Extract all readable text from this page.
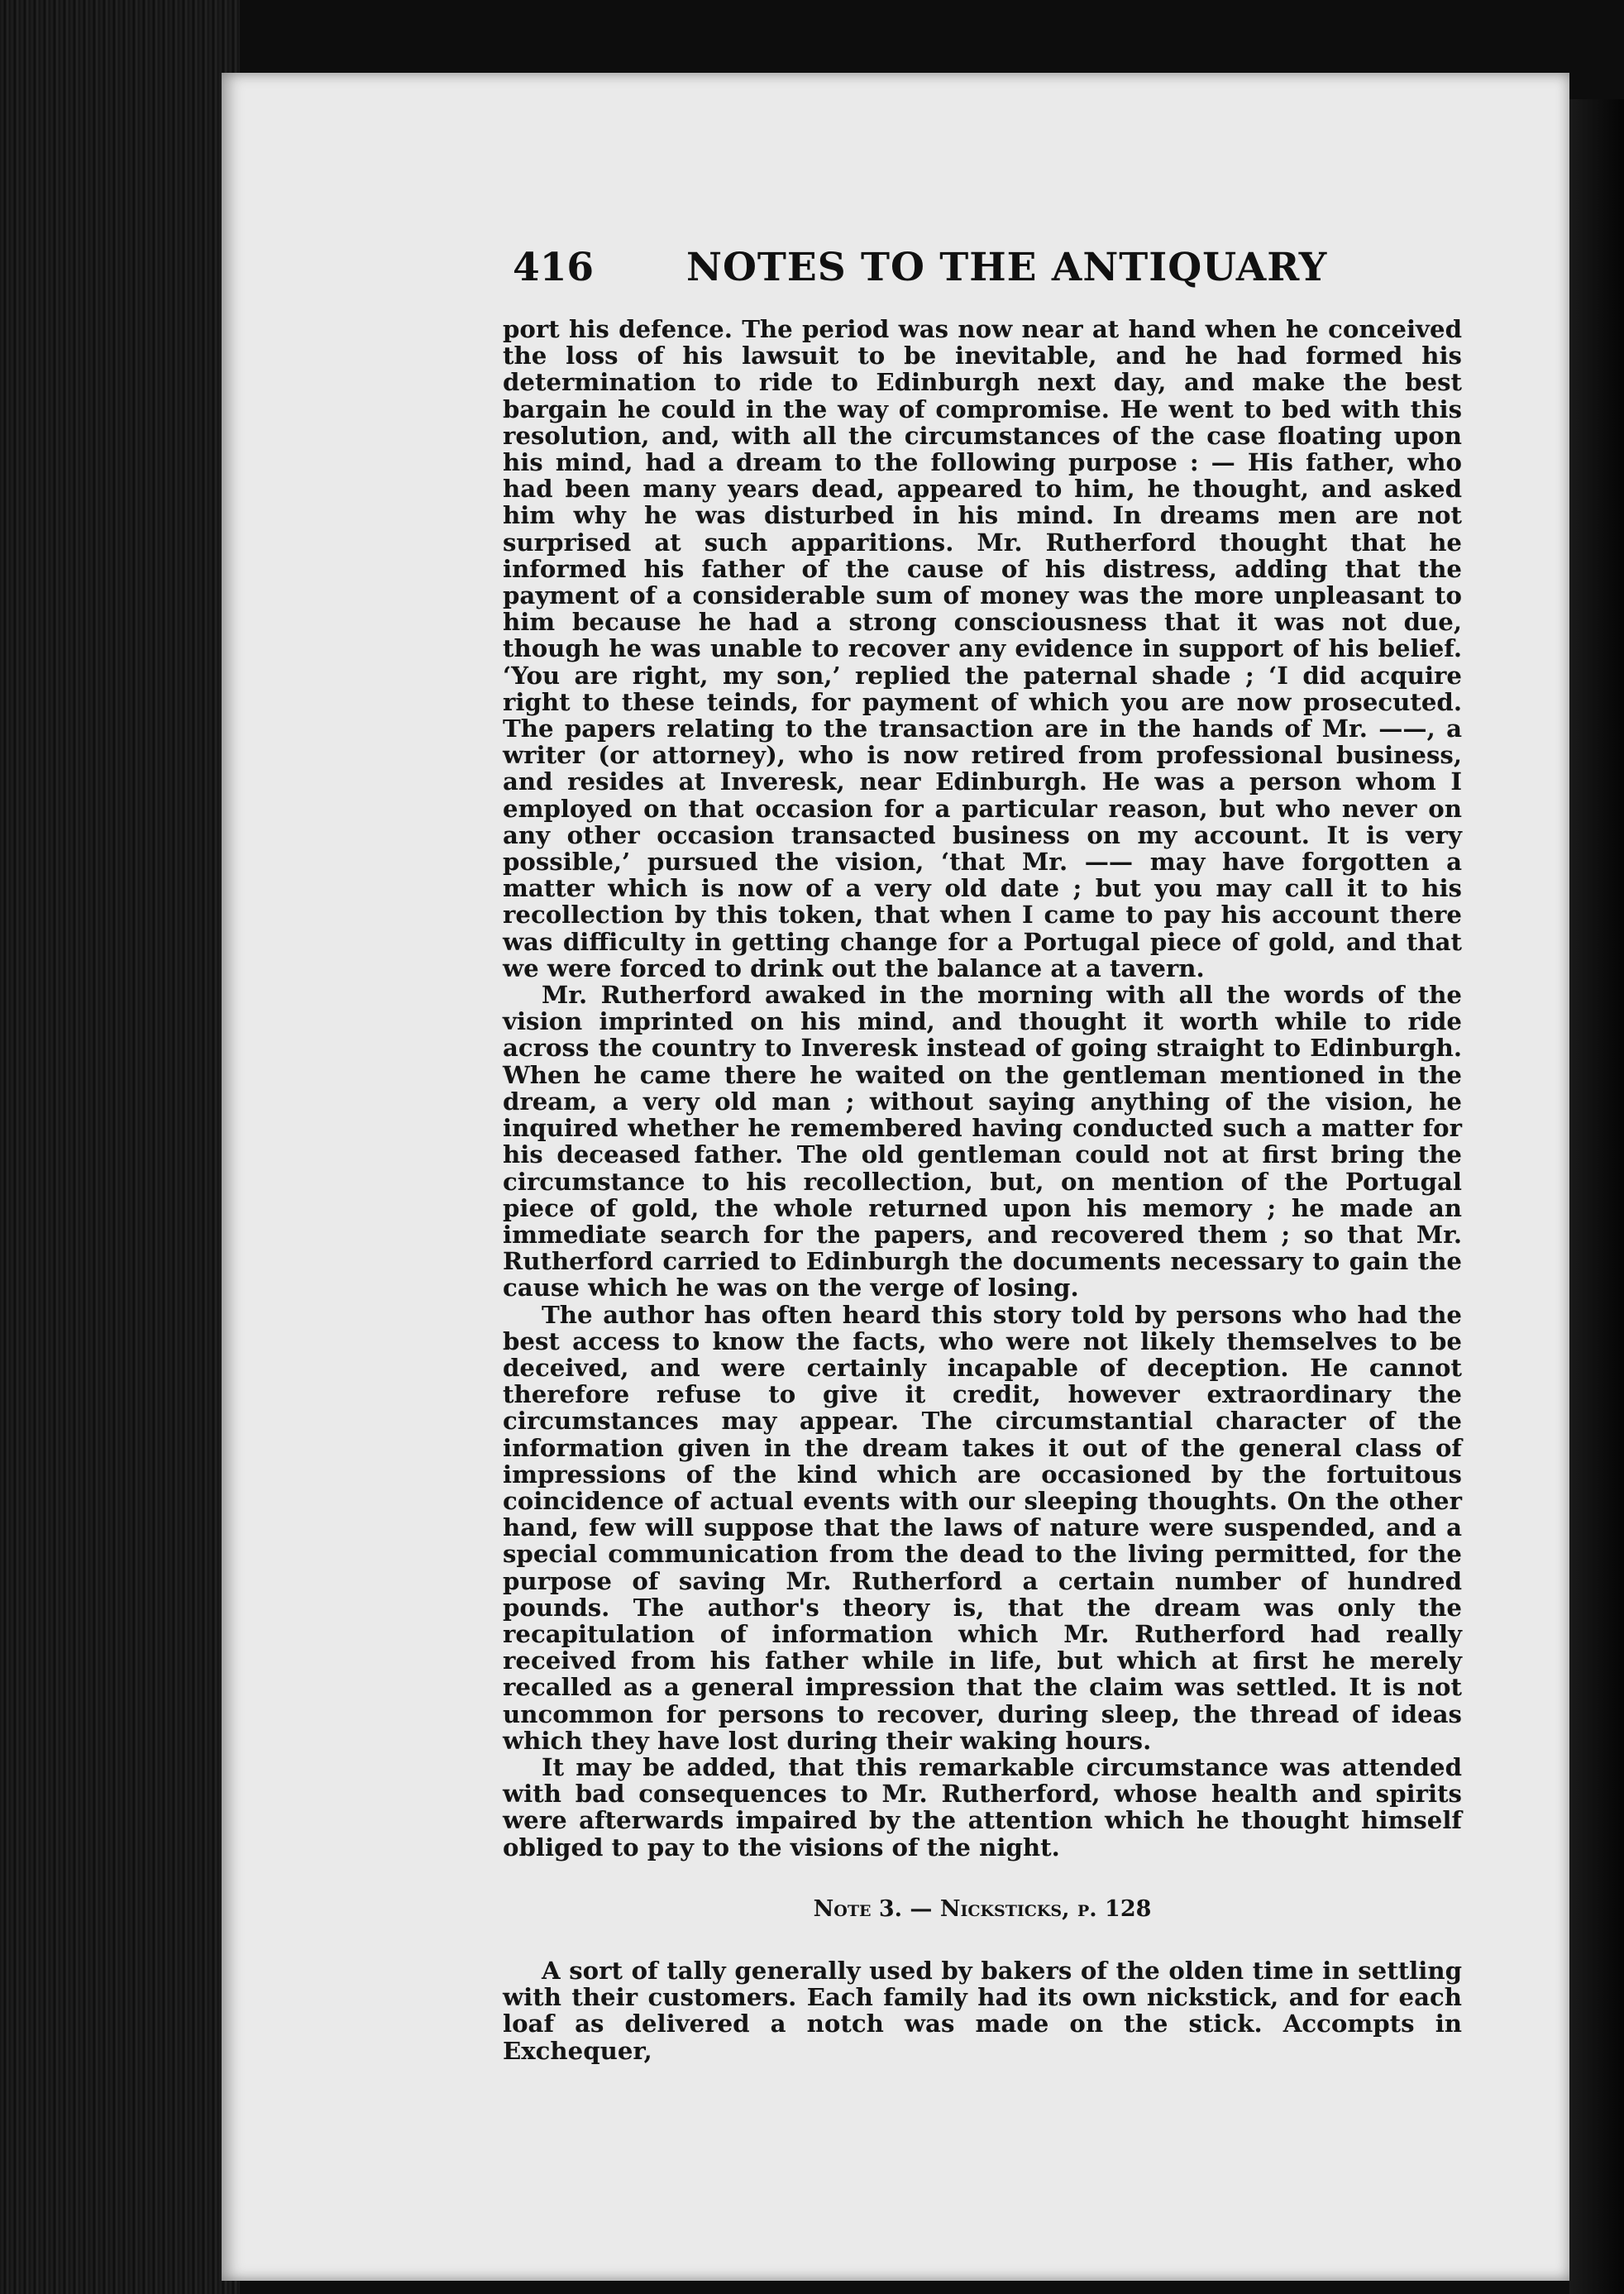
416 NOTES TO THE ANTIQUARY

port his defence. The period was now near at hand when he conceived the loss of his lawsuit to be inevitable, and he had formed his determination to ride to Edinburgh next day, and make the best bargain he could in the way of compromise. He went to bed with this resolution, and, with all the circumstances of the case floating upon his mind, had a dream to the following purpose : — His father, who had been many years dead, appeared to him, he thought, and asked him why he was disturbed in his mind. In dreams men are not surprised at such apparitions. Mr. Rutherford thought that he informed his father of the cause of his distress, adding that the payment of a considerable sum of money was the more unpleasant to him because he had a strong consciousness that it was not due, though he was unable to recover any evidence in support of his belief. ‘You are right, my son,’ replied the paternal shade ; ‘I did acquire right to these teinds, for payment of which you are now prosecuted. The papers relating to the transaction are in the hands of Mr. ——, a writer (or attorney), who is now retired from professional business, and resides at Inveresk, near Edinburgh. He was a person whom I employed on that occasion for a particular reason, but who never on any other occasion transacted business on my account. It is very possible,’ pursued the vision, ‘that Mr. —— may have forgotten a matter which is now of a very old date ; but you may call it to his recollection by this token, that when I came to pay his account there was difficulty in getting change for a Portugal piece of gold, and that we were forced to drink out the balance at a tavern.

Mr. Rutherford awaked in the morning with all the words of the vision imprinted on his mind, and thought it worth while to ride across the country to Inveresk instead of going straight to Edinburgh. When he came there he waited on the gentleman mentioned in the dream, a very old man ; without saying anything of the vision, he inquired whether he remembered having conducted such a matter for his deceased father. The old gentleman could not at first bring the circumstance to his recollection, but, on mention of the Portugal piece of gold, the whole returned upon his memory ; he made an immediate search for the papers, and recovered them ; so that Mr. Rutherford carried to Edinburgh the documents necessary to gain the cause which he was on the verge of losing.

The author has often heard this story told by persons who had the best access to know the facts, who were not likely themselves to be deceived, and were certainly incapable of deception. He cannot therefore refuse to give it credit, however extraordinary the circumstances may appear. The circumstantial character of the information given in the dream takes it out of the general class of impressions of the kind which are occasioned by the fortuitous coincidence of actual events with our sleeping thoughts. On the other hand, few will suppose that the laws of nature were suspended, and a special communication from the dead to the living permitted, for the purpose of saving Mr. Rutherford a certain number of hundred pounds. The author's theory is, that the dream was only the recapitulation of information which Mr. Rutherford had really received from his father while in life, but which at first he merely recalled as a general impression that the claim was settled. It is not uncommon for persons to recover, during sleep, the thread of ideas which they have lost during their waking hours.

It may be added, that this remarkable circumstance was attended with bad consequences to Mr. Rutherford, whose health and spirits were afterwards impaired by the attention which he thought himself obliged to pay to the visions of the night.

Note 3. — Nicksticks, p. 128

A sort of tally generally used by bakers of the olden time in settling with their customers. Each family had its own nickstick, and for each loaf as delivered a notch was made on the stick. Accompts in Exchequer,
